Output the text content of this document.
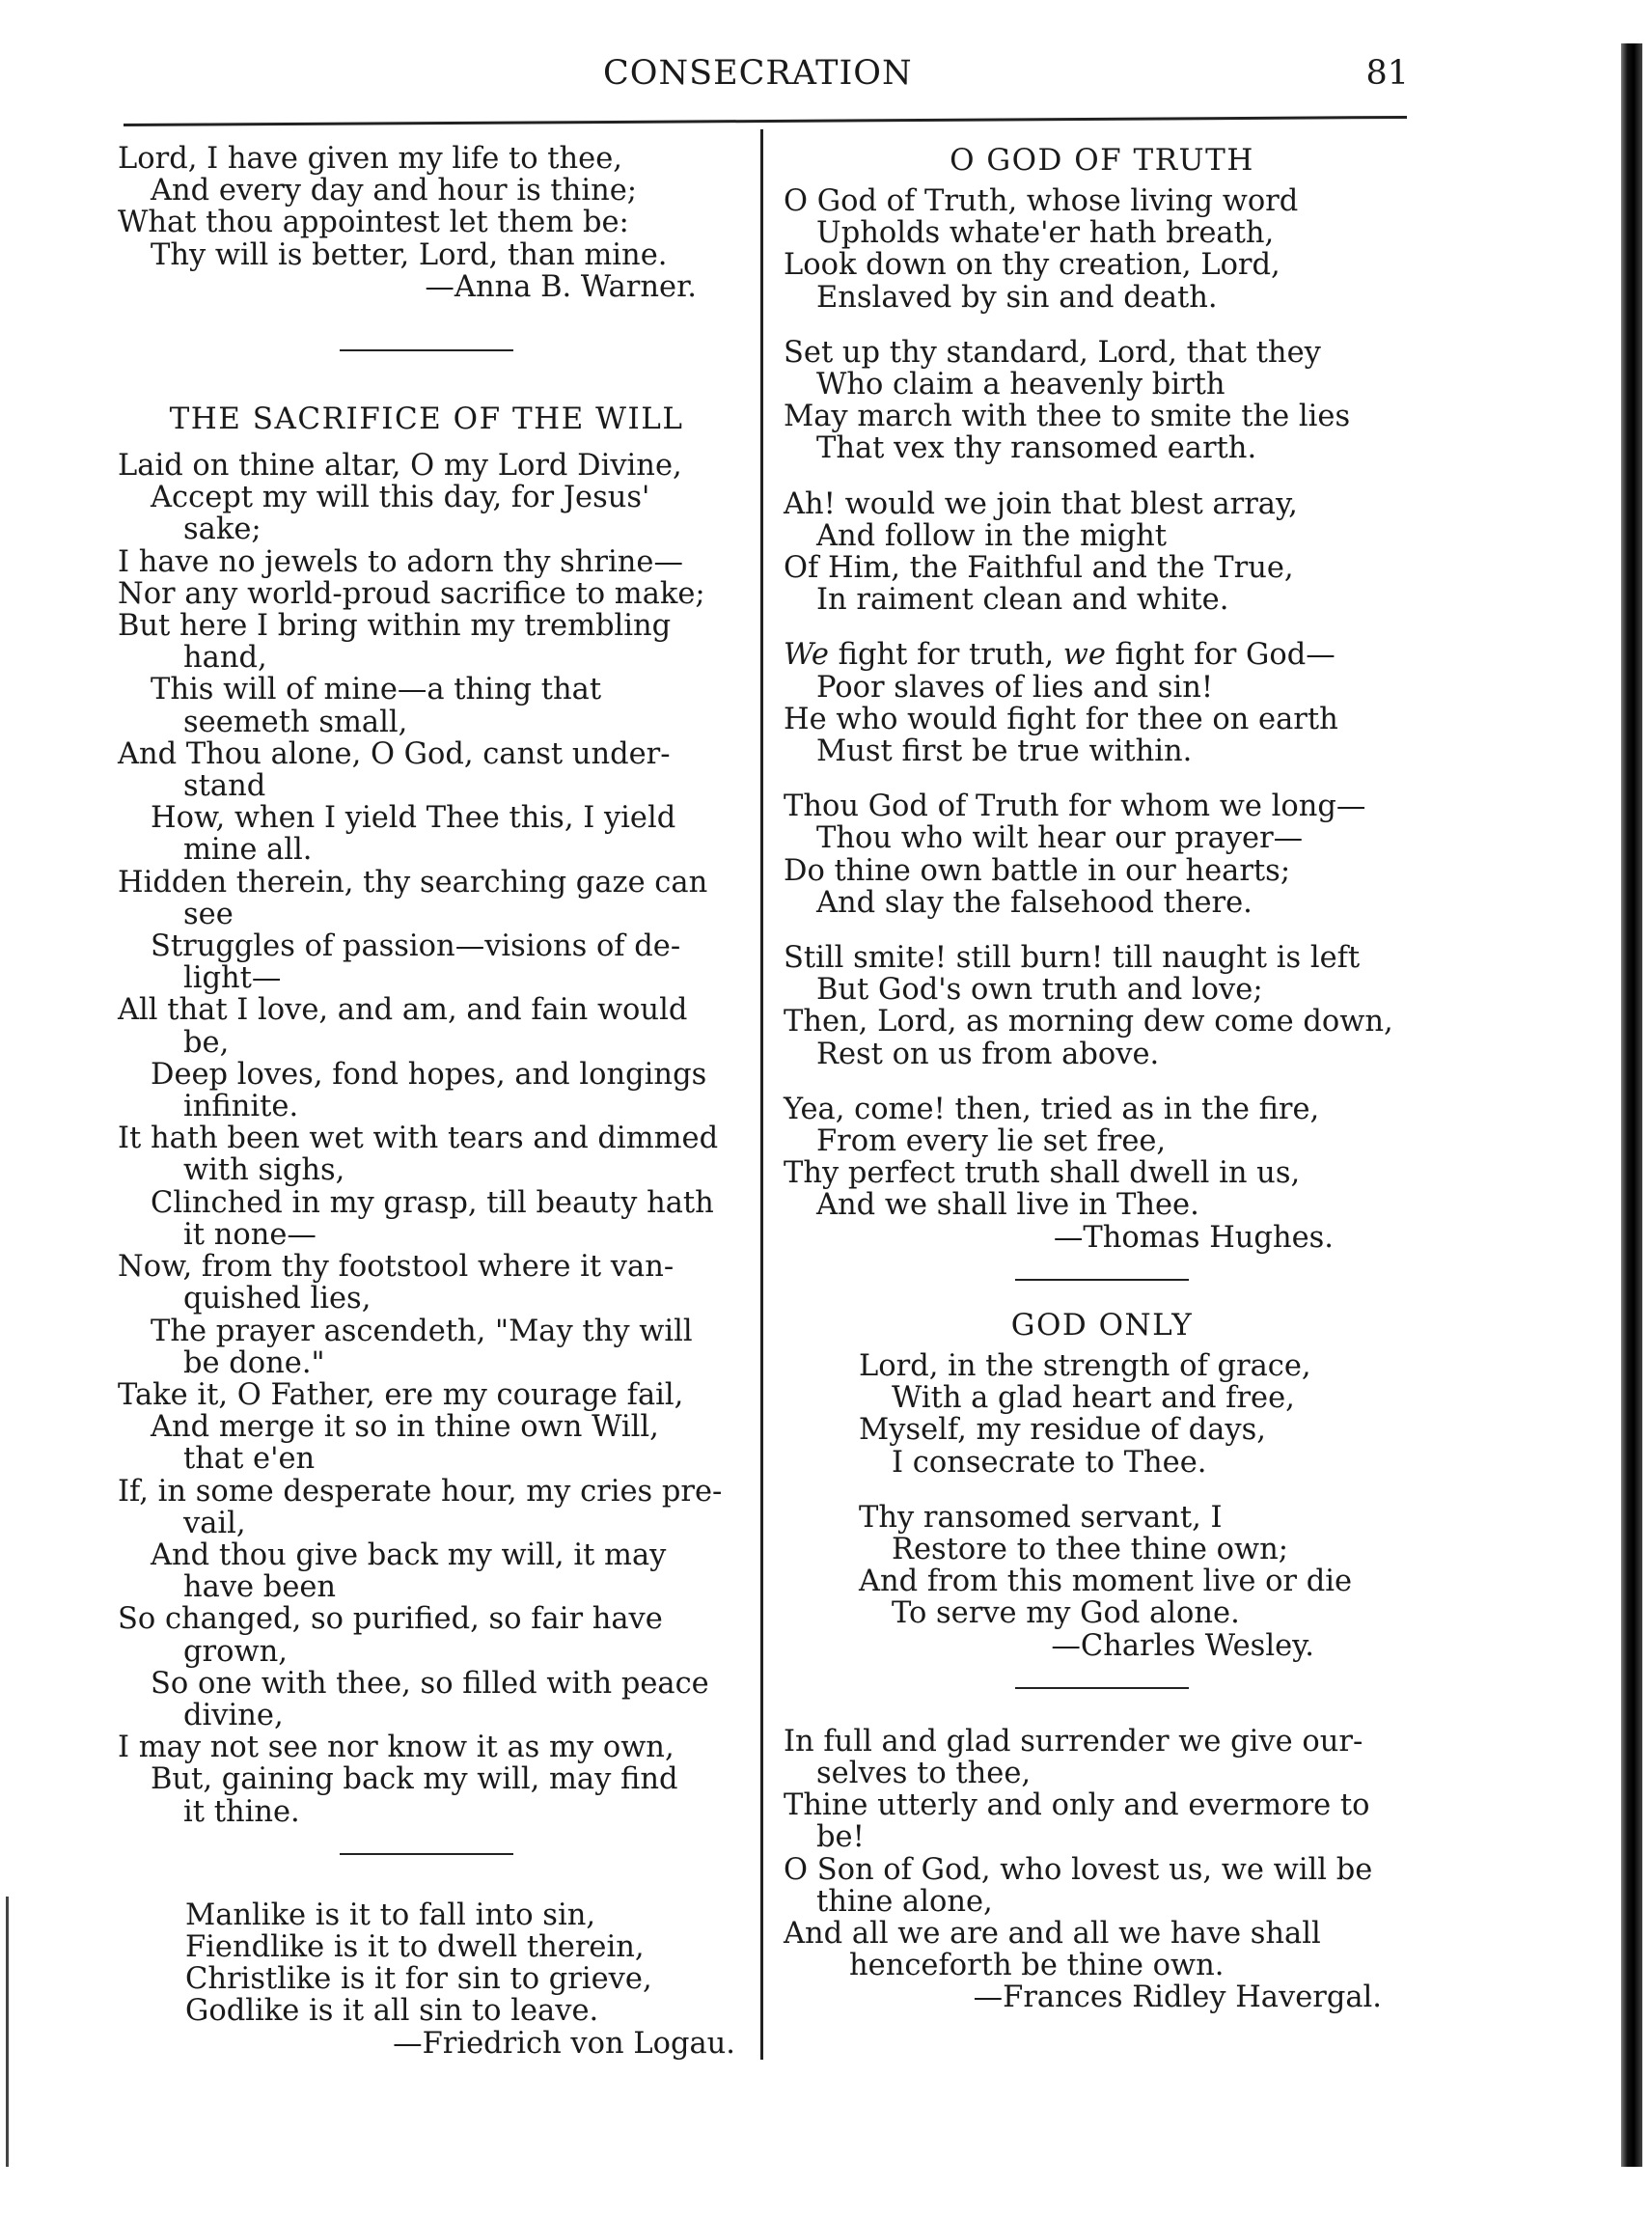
CONSECRATION	81
Lord, I have given my life to thee,
And every day and hour is thine;
What thou appointest let them be:
Thy will is better, Lord, than mine.
—Anna B. Warner.
THE SACRIFICE OF THE WILL
Laid on thine altar, O my Lord Divine,
Accept my will this day, for Jesus'
sake;
I have no jewels to adorn thy shrine—
Nor any world-proud sacrifice to make;
But here I bring within my trembling
hand,
This will of mine—a thing that
seemeth small,
And Thou alone, O God, canst under-
stand
How, when I yield Thee this, I yield
mine all.
Hidden therein, thy searching gaze can
see
Struggles of passion—visions of de-
light—
All that I love, and am, and fain would
be,
Deep loves, fond hopes, and longings
infinite.
It hath been wet with tears and dimmed
with sighs,
Clinched in my grasp, till beauty hath
it none—
Now, from thy footstool where it van-
quished lies,
The prayer ascendeth, "May thy will
be done."
Take it, O Father, ere my courage fail,
And merge it so in thine own Will,
that e'en
If, in some desperate hour, my cries pre-
vail,
And thou give back my will, it may
have been
So changed, so purified, so fair have
grown,
So one with thee, so filled with peace
divine,
I may not see nor know it as my own,
But, gaining back my will, may find
it thine.
Manlike is it to fall into sin,
Fiendlike is it to dwell therein,
Christlike is it for sin to grieve,
Godlike is it all sin to leave.
—Friedrich von Logau.
O GOD OF TRUTH
O God of Truth, whose living word
Upholds whate'er hath breath,
Look down on thy creation, Lord,
Enslaved by sin and death.
Set up thy standard, Lord, that they
Who claim a heavenly birth
May march with thee to smite the lies
That vex thy ransomed earth.
Ah! would we join that blest array,
And follow in the might
Of Him, the Faithful and the True,
In raiment clean and white.
We fight for truth, we fight for God—
Poor slaves of lies and sin!
He who would fight for thee on earth
Must first be true within.
Thou God of Truth for whom we long—
Thou who wilt hear our prayer—
Do thine own battle in our hearts;
And slay the falsehood there.
Still smite! still burn! till naught is left
But God's own truth and love;
Then, Lord, as morning dew come down,
Rest on us from above.
Yea, come! then, tried as in the fire,
From every lie set free,
Thy perfect truth shall dwell in us,
And we shall live in Thee.
—Thomas Hughes.
GOD ONLY
Lord, in the strength of grace,
With a glad heart and free,
Myself, my residue of days,
I consecrate to Thee.
Thy ransomed servant, I
Restore to thee thine own;
And from this moment live or die
To serve my God alone.
—Charles Wesley.
In full and glad surrender we give our-
selves to thee,
Thine utterly and only and evermore to
be!
O Son of God, who lovest us, we will be
thine alone,
And all we are and all we have shall
henceforth be thine own.
—Frances Ridley Havergal.
